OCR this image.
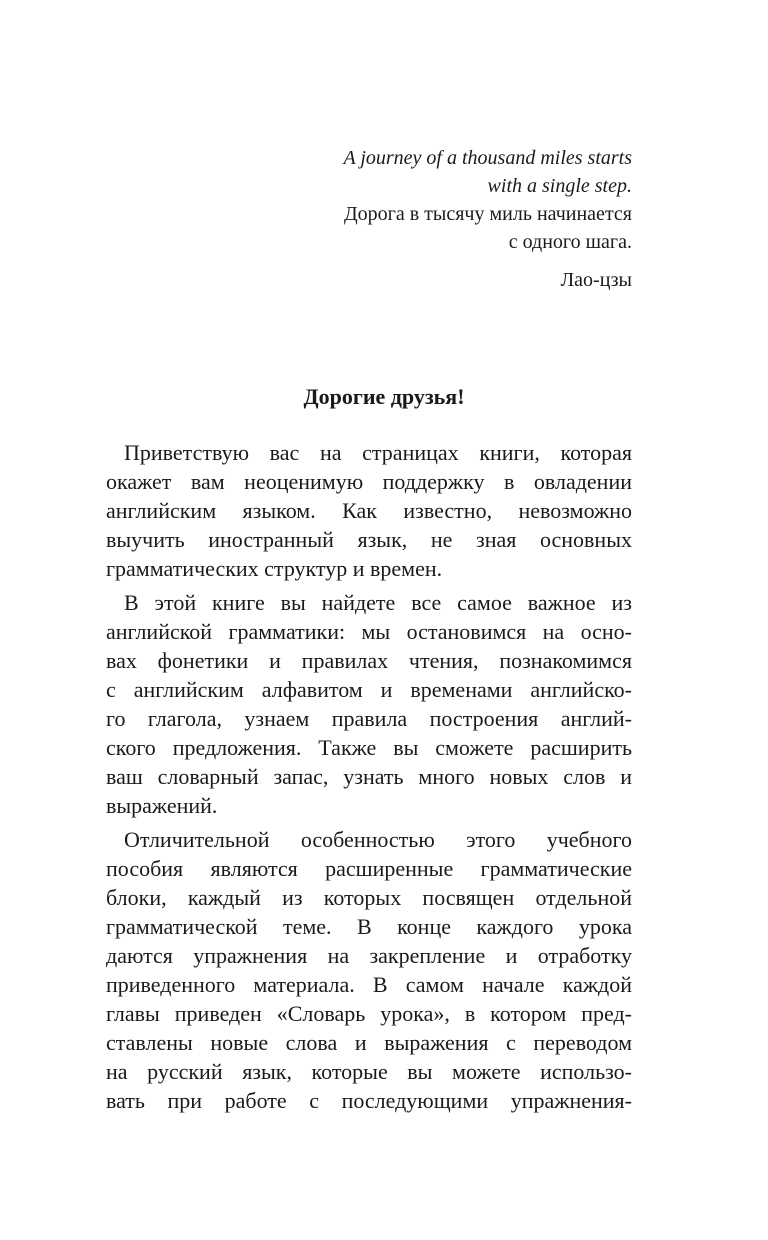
A journey of a thousand miles starts
with a single step.
Дорога в тысячу миль начинается
с одного шага.
Лао-цзы
Дорогие друзья!
Приветствую вас на страницах книги, которая
окажет вам неоценимую поддержку в овладении
английским языком. Как известно, невозможно
выучить иностранный язык, не зная основных
грамматических структур и времен.
В этой книге вы найдете все самое важное из
английской грамматики: мы остановимся на осно-
вах фонетики и правилах чтения, познакомимся
с английским алфавитом и временами английско-
го глагола, узнаем правила построения англий-
ского предложения. Также вы сможете расширить
ваш словарный запас, узнать много новых слов и
выражений.
Отличительной особенностью этого учебного
пособия являются расширенные грамматические
блоки, каждый из которых посвящен отдельной
грамматической теме. В конце каждого урока
даются упражнения на закрепление и отработку
приведенного материала. В самом начале каждой
главы приведен «Словарь урока», в котором пред-
ставлены новые слова и выражения с переводом
на русский язык, которые вы можете использо-
вать при работе с последующими упражнения-
